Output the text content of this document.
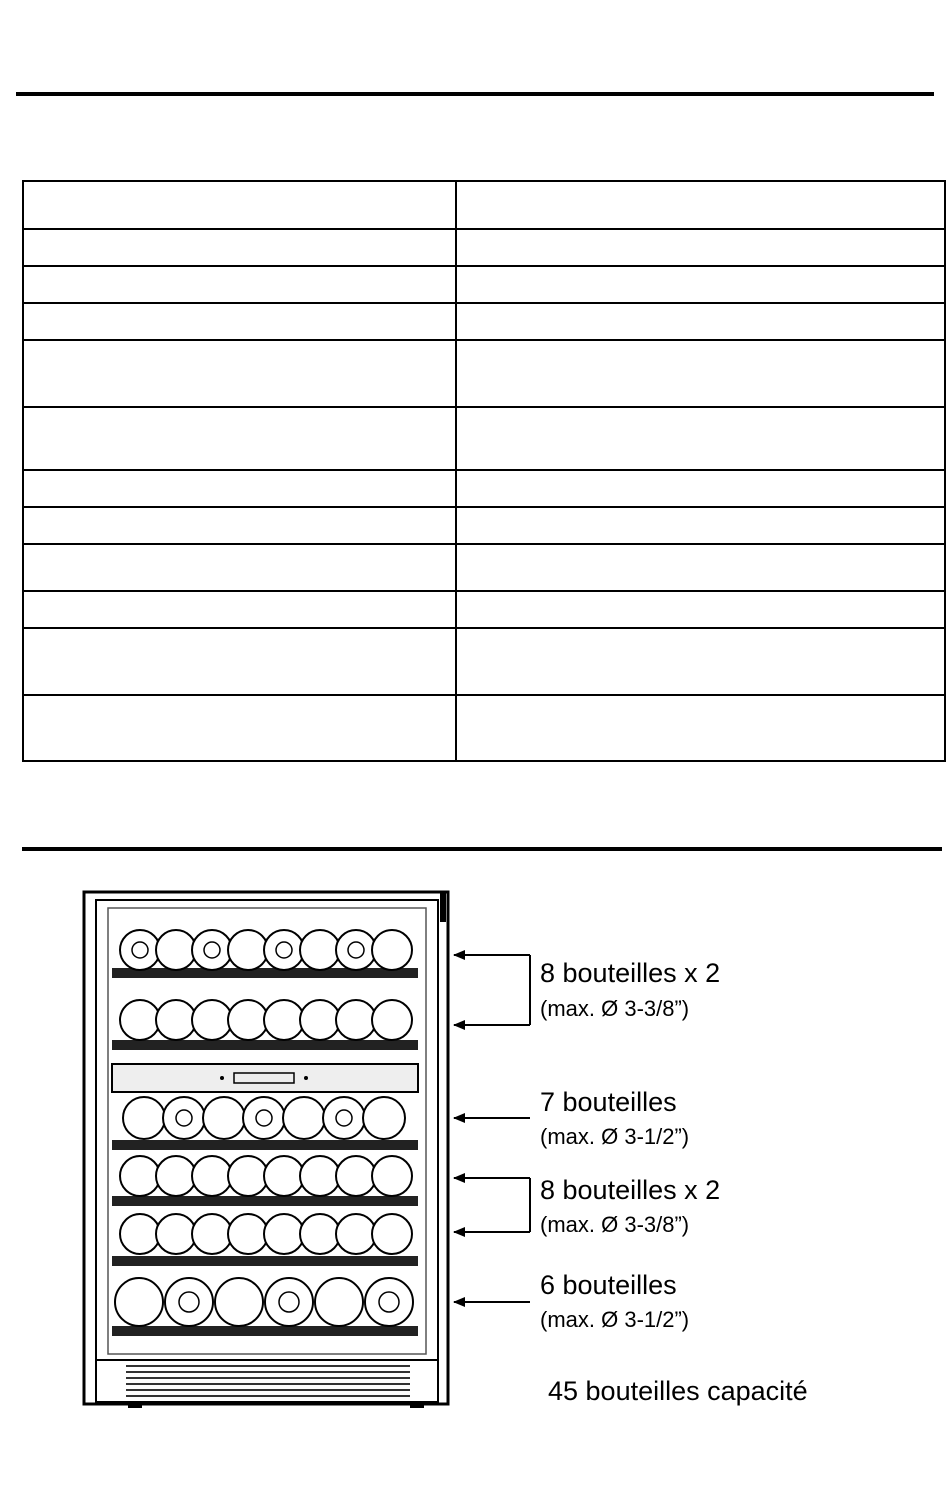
8 bouteilles x 2
(max. Ø 3-3/8”)
7 bouteilles
(max. Ø 3-1/2”)
8 bouteilles x 2
(max. Ø 3-3/8”)
6 bouteilles
(max. Ø 3-1/2”)
45 bouteilles capacité
